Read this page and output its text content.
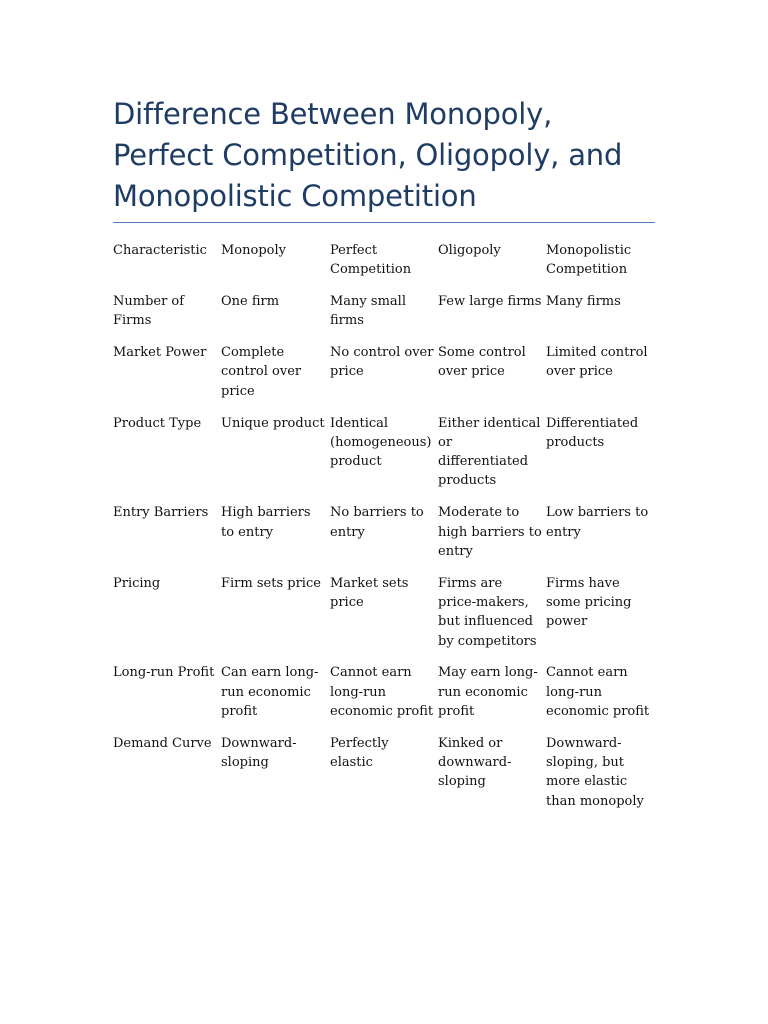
Difference Between Monopoly, Perfect Competition, Oligopoly, and Monopolistic Competition
Characteristic	Monopoly	Perfect Competition	Oligopoly	Monopolistic Competition
Number of Firms	One firm	Many small firms	Few large firms	Many firms
Market Power	Complete control over price	No control over price	Some control over price	Limited control over price
Product Type	Unique product	Identical (homogeneous) product	Either identical or differentiated products	Differentiated products
Entry Barriers	High barriers to entry	No barriers to entry	Moderate to high barriers to entry	Low barriers to entry
Pricing	Firm sets price	Market sets price	Firms are price-makers, but influenced by competitors	Firms have some pricing power
Long-run Profit	Can earn long-run economic profit	Cannot earn long-run economic profit	May earn long-run economic profit	Cannot earn long-run economic profit
Demand Curve	Downward-sloping	Perfectly elastic	Kinked or downward-sloping	Downward-sloping, but more elastic than monopoly
